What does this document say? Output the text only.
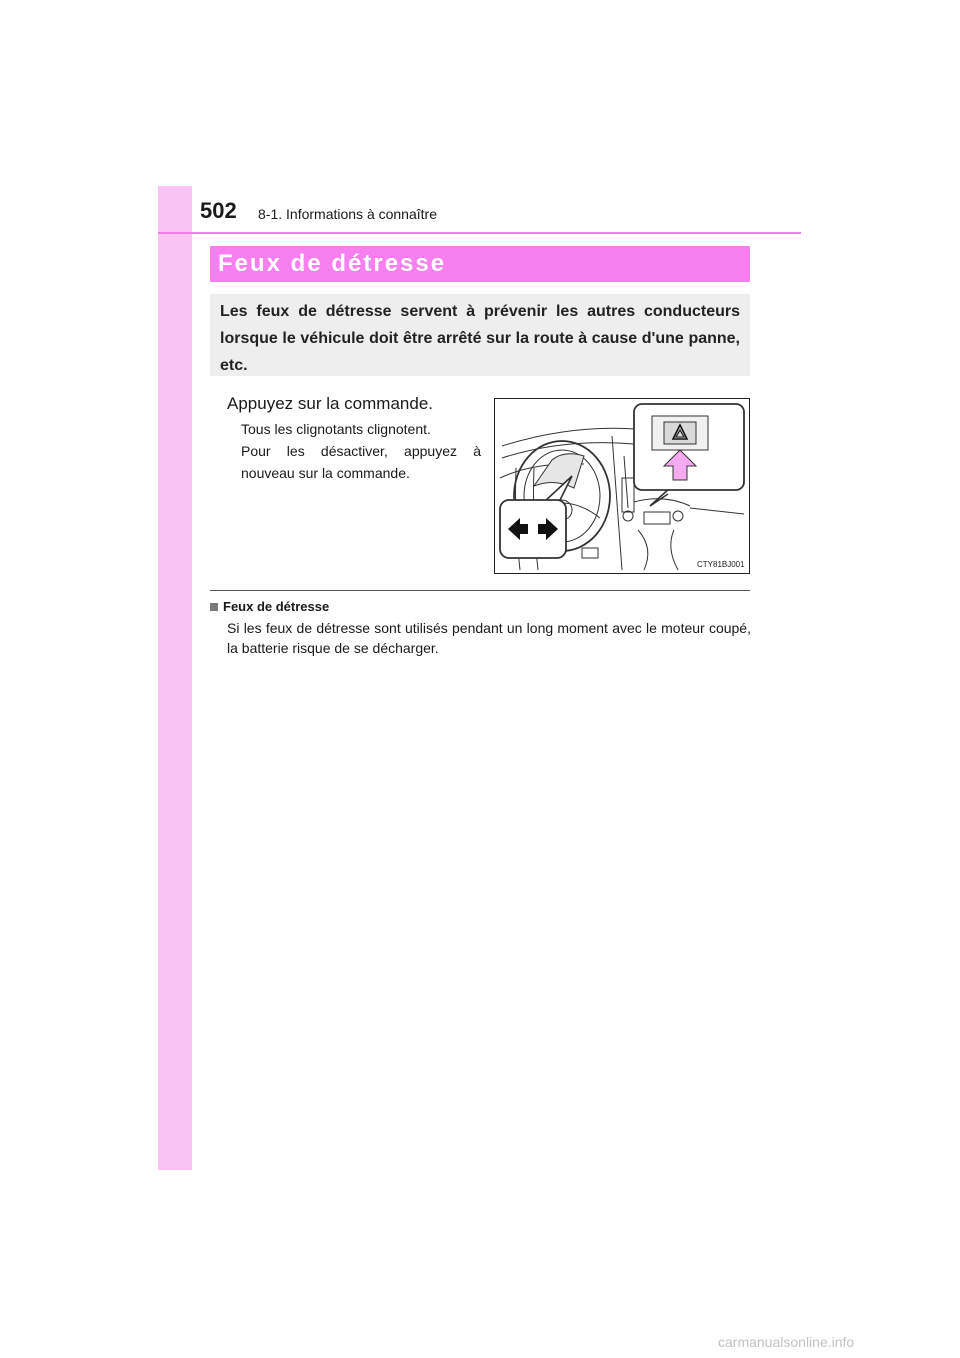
502 8-1. Informations à connaître
Feux de détresse
Les feux de détresse servent à prévenir les autres conducteurs lorsque le véhicule doit être arrêté sur la route à cause d'une panne, etc.
Appuyez sur la commande.
Tous les clignotants clignotent.
Pour les désactiver, appuyez à nouveau sur la commande.
CTY81BJ001
Feux de détresse
Si les feux de détresse sont utilisés pendant un long moment avec le moteur coupé, la batterie risque de se décharger.
carmanualsonline.info
